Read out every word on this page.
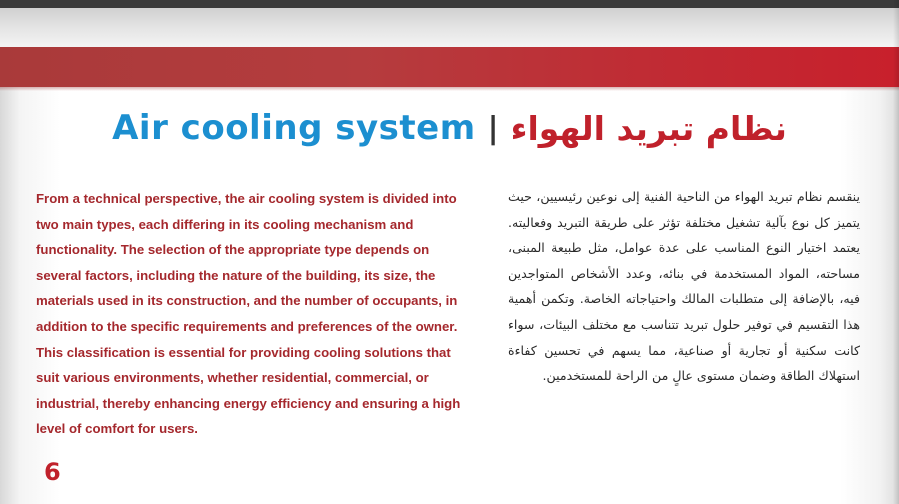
Air cooling system | نظام تبريد الهواء
From a technical perspective, the air cooling system is divided into two main types, each differing in its cooling mechanism and functionality. The selection of the appropriate type depends on several factors, including the nature of the building, its size, the materials used in its construction, and the number of occupants, in addition to the specific requirements and preferences of the owner. This classification is essential for providing cooling solutions that suit various environments, whether residential, commercial, or industrial, thereby enhancing energy efficiency and ensuring a high level of comfort for users.
ينقسم نظام تبريد الهواء من الناحية الفنية إلى نوعين رئيسيين، حيث يتميز كل نوع بآلية تشغيل مختلفة تؤثر على طريقة التبريد وفعاليته. يعتمد اختيار النوع المناسب على عدة عوامل، مثل طبيعة المبنى، مساحته، المواد المستخدمة في بنائه، وعدد الأشخاص المتواجدين فيه، بالإضافة إلى متطلبات المالك واحتياجاته الخاصة. وتكمن أهمية هذا التقسيم في توفير حلول تبريد تتناسب مع مختلف البيئات، سواء كانت سكنية أو تجارية أو صناعية، مما يسهم في تحسين كفاءة استهلاك الطاقة وضمان مستوى عالٍ من الراحة للمستخدمين.
6
